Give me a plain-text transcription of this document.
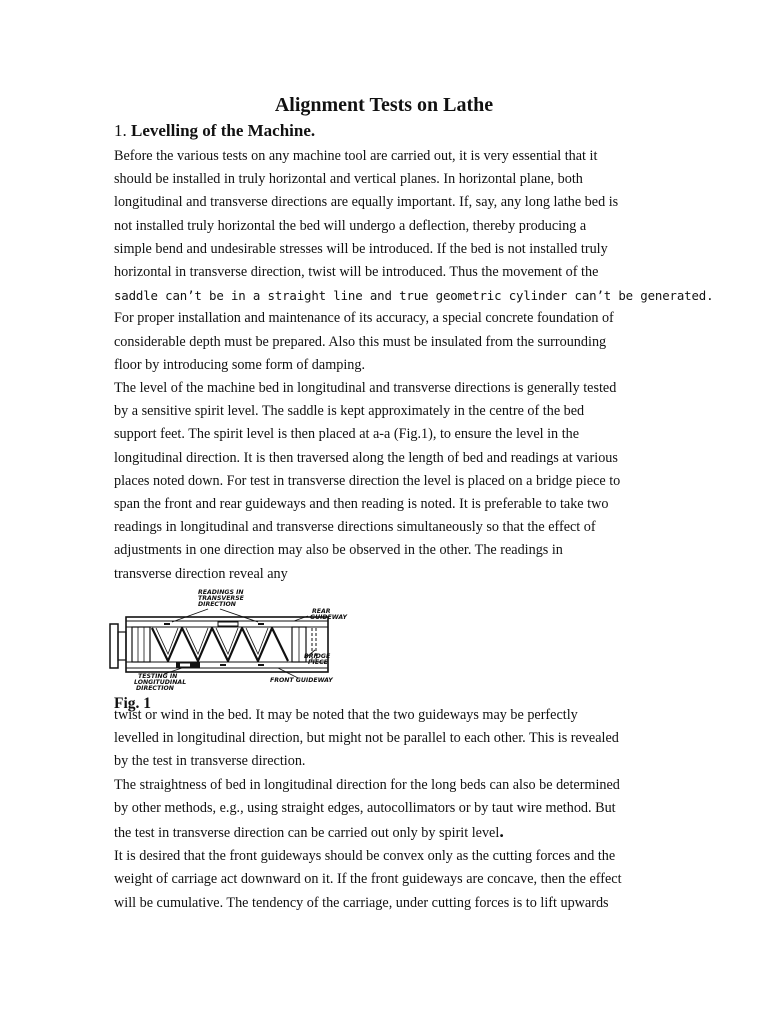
Alignment Tests on Lathe
1. Levelling of the Machine.

Before the various tests on any machine tool are carried out, it is very essential that it

should be installed in truly horizontal and vertical planes. In horizontal plane, both

longitudinal and transverse directions are equally important. If, say, any long lathe bed is

not installed truly horizontal the bed will undergo a deflection, thereby producing a

simple bend and undesirable stresses will be introduced. If the bed is not installed truly

horizontal in transverse direction, twist will be introduced. Thus the movement of the

saddle can’t be in a straight line and true geometric cylinder can’t be generated.

For proper installation and maintenance of its accuracy, a special concrete foundation of

considerable depth must be prepared. Also this must be insulated from the surrounding

floor by introducing some form of damping.

The level of the machine bed in longitudinal and transverse directions is generally tested

by a sensitive spirit level. The saddle is kept approximately in the centre of the bed

support feet. The spirit level is then placed at a-a (Fig.1), to ensure the level in the

longitudinal direction. It is then traversed along the length of bed and readings at various

places noted down. For test in transverse direction the level is placed on a bridge piece to

span the front and rear guideways and then reading is noted. It is preferable to take two

readings in longitudinal and transverse directions simultaneously so that the effect of

adjustments in one direction may also be observed in the other. The readings in

transverse direction reveal any

READINGS IN
TRANSVERSE
DIRECTION
REAR
GUIDEWAY
BRIDGE
PIECE
TESTING IN
LONGITUDINAL
DIRECTION
FRONT GUIDEWAY

Fig. 1

twist or wind in the bed. It may be noted that the two guideways may be perfectly

levelled in longitudinal direction, but might not be parallel to each other. This is revealed

by the test in transverse direction.

The straightness of bed in longitudinal direction for the long beds can also be determined

by other methods, e.g., using straight edges, autocollimators or by taut wire method. But

the test in transverse direction can be carried out only by spirit level.

It is desired that the front guideways should be convex only as the cutting forces and the

weight of carriage act downward on it. If the front guideways are concave, then the effect

will be cumulative. The tendency of the carriage, under cutting forces is to lift upwards
